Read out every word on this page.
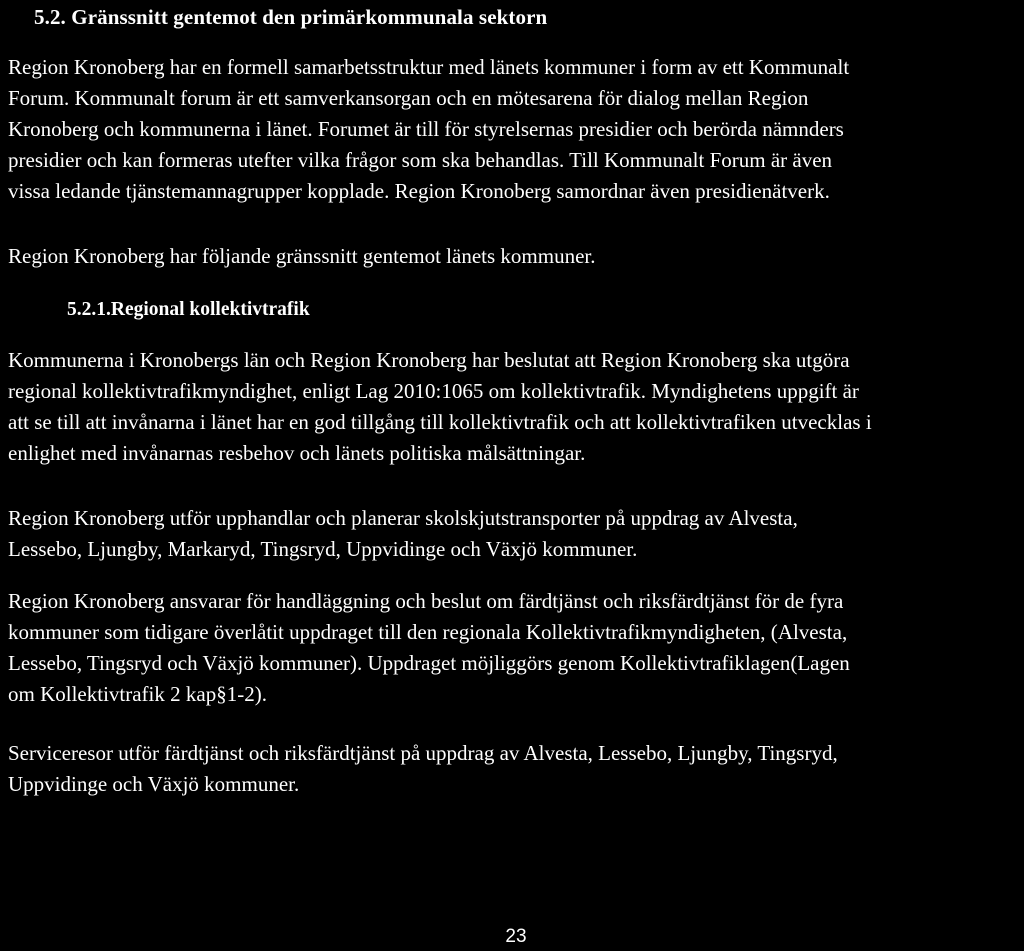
5.2. Gränssnitt gentemot den primärkommunala sektorn

Region Kronoberg har en formell samarbetsstruktur med länets kommuner i form av ett Kommunalt
Forum. Kommunalt forum är ett samverkansorgan och en mötesarena för dialog mellan Region
Kronoberg och kommunerna i länet. Forumet är till för styrelsernas presidier och berörda nämnders
presidier och kan formeras utefter vilka frågor som ska behandlas. Till Kommunalt Forum är även
vissa ledande tjänstemannagrupper kopplade. Region Kronoberg samordnar även presidienätverk.

Region Kronoberg har följande gränssnitt gentemot länets kommuner.

5.2.1.Regional kollektivtrafik

Kommunerna i Kronobergs län och Region Kronoberg har beslutat att Region Kronoberg ska utgöra
regional kollektivtrafikmyndighet, enligt Lag 2010:1065 om kollektivtrafik. Myndighetens uppgift är
att se till att invånarna i länet har en god tillgång till kollektivtrafik och att kollektivtrafiken utvecklas i
enlighet med invånarnas resbehov och länets politiska målsättningar.

Region Kronoberg utför upphandlar och planerar skolskjutstransporter på uppdrag av Alvesta,
Lessebo, Ljungby, Markaryd, Tingsryd, Uppvidinge och Växjö kommuner.

Region Kronoberg ansvarar för handläggning och beslut om färdtjänst och riksfärdtjänst för de fyra
kommuner som tidigare överlåtit uppdraget till den regionala Kollektivtrafikmyndigheten, (Alvesta,
Lessebo, Tingsryd och Växjö kommuner). Uppdraget möjliggörs genom Kollektivtrafiklagen(Lagen
om Kollektivtrafik 2 kap§1-2).

Serviceresor utför färdtjänst och riksfärdtjänst på uppdrag av Alvesta, Lessebo, Ljungby, Tingsryd,
Uppvidinge och Växjö kommuner.

23
